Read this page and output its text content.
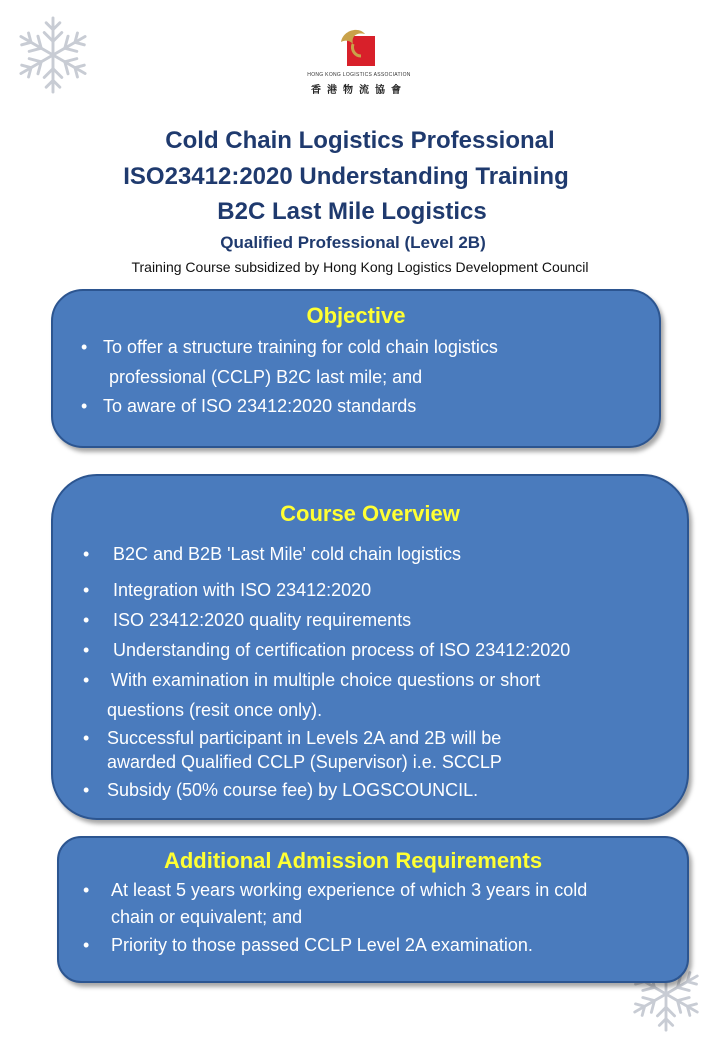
HONG KONG LOGISTICS ASSOCIATION
香港物流協會
Cold Chain Logistics Professional
ISO23412:2020 Understanding Training
B2C Last Mile Logistics
Qualified Professional (Level 2B)
Training Course subsidized by Hong Kong Logistics Development Council
Objective
• To offer a structure training for cold chain logistics
professional (CCLP) B2C last mile; and
• To aware of ISO 23412:2020 standards
Course Overview
• B2C and B2B 'Last Mile' cold chain logistics
• Integration with ISO 23412:2020
• ISO 23412:2020 quality requirements
• Understanding of certification process of ISO 23412:2020
• With examination in multiple choice questions or short
questions (resit once only).
• Successful participant in Levels 2A and 2B will be
awarded Qualified CCLP (Supervisor) i.e. SCCLP
• Subsidy (50% course fee) by LOGSCOUNCIL.
Additional Admission Requirements
• At least 5 years working experience of which 3 years in cold
chain or equivalent; and
• Priority to those passed CCLP Level 2A examination.
